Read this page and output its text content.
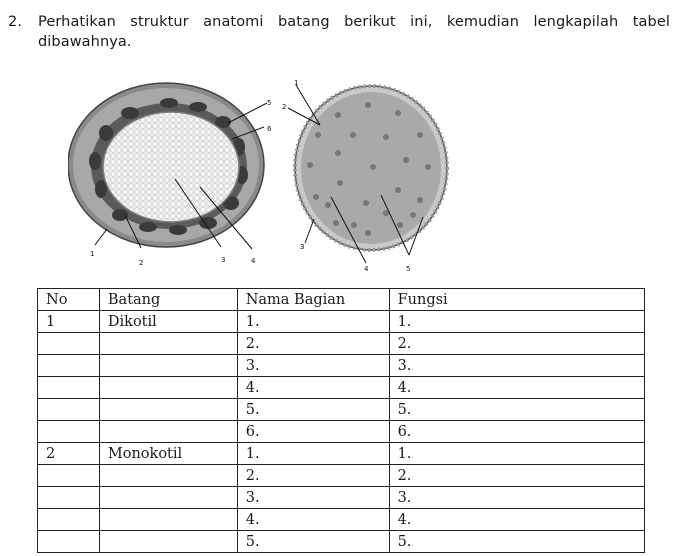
2. Perhatikan struktur anatomi batang berikut ini, kemudian lengkapilah tabel dibawahnya.
1
2	3	4
5
6
1
2
3
4	5
No	Batang	Nama Bagian	Fungsi
1	Dikotil	1.	1.
		2.	2.
		3.	3.
		4.	4.
		5.	5.
		6.	6.
2	Monokotil	1.	1.
		2.	2.
		3.	3.
		4.	4.
		5.	5.
